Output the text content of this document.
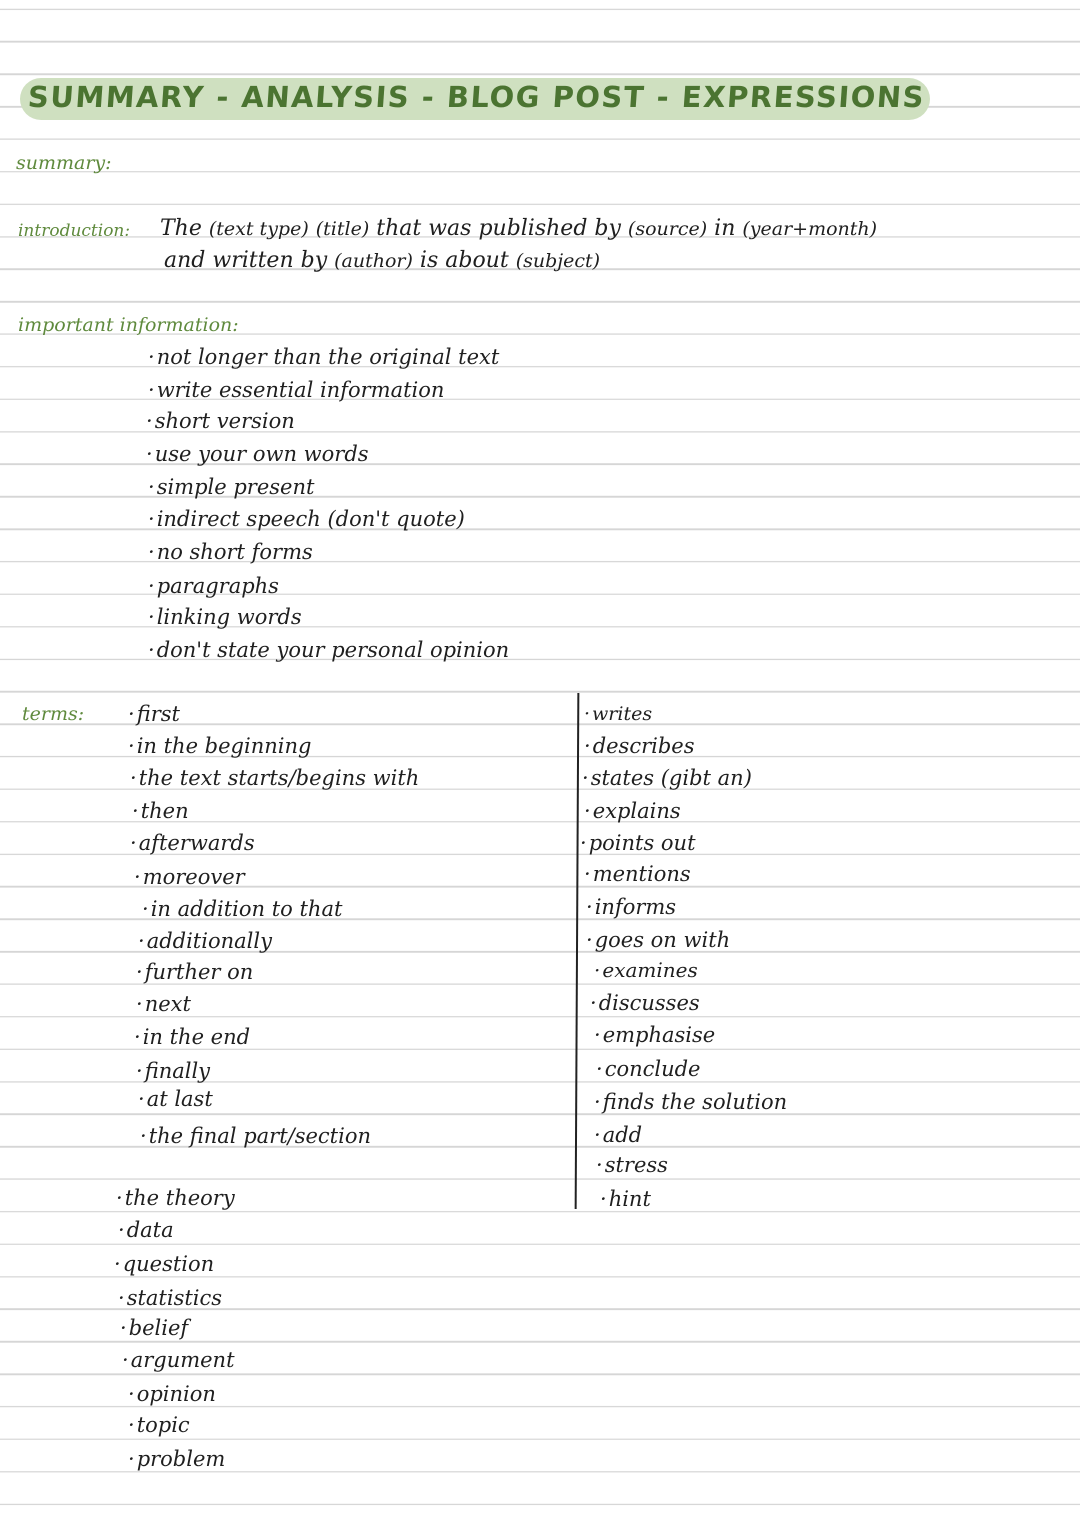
SUMMARY - ANALYSIS - BLOG POST - EXPRESSIONS
summary:
introduction: The (text type) (title) that was published by (source) in (year+month)
and written by (author) is about (subject)
important information:
· not longer than the original text
· write essential information
· short version
· use your own words
· simple present
· indirect speech (don't quote)
· no short forms
· paragraphs
· linking words
· don't state your personal opinion
terms:	· first
· in the beginning
· the text starts/begins with
· then
· afterwards
· moreover
· in addition to that
· additionally
· further on
· next
· in the end
· finally
· at last
· the final part/section
· writes
· describes
· states (gibt an)
· explains
· points out
· mentions
· informs
· goes on with
· examines
· discusses
· emphasise
· conclude
· finds the solution
· add
· stress
· hint
· the theory
· data
· question
· statistics
· belief
· argument
· opinion
· topic
· problem
